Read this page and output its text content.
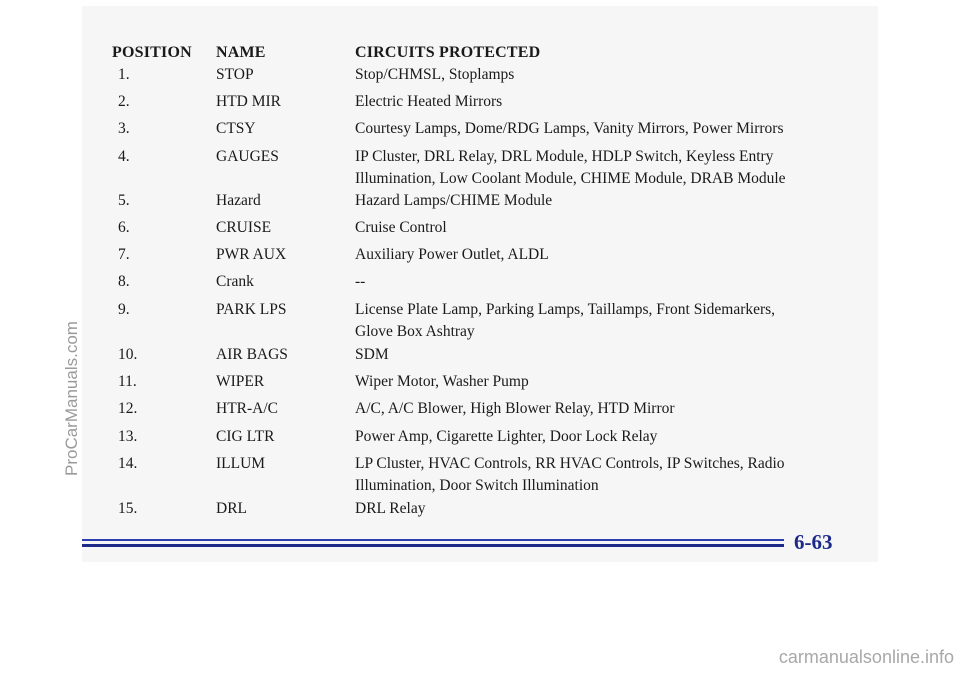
POSITION NAME	CIRCUITS PROTECTED
1.	STOP	Stop/CHMSL, Stoplamps
2.	HTD MIR	Electric Heated Mirrors
3.	CTSY	Courtesy Lamps, Dome/RDG Lamps, Vanity Mirrors, Power Mirrors
4.	GAUGES	IP Cluster, DRL Relay, DRL Module, HDLP Switch, Keyless Entry
Illumination, Low Coolant Module, CHIME Module, DRAB Module
5.	Hazard	Hazard Lamps/CHIME Module
6.	CRUISE	Cruise Control
7.	PWR AUX	Auxiliary Power Outlet, ALDL
8.	Crank	--
9.	PARK LPS	License Plate Lamp, Parking Lamps, Taillamps, Front Sidemarkers,
Glove Box Ashtray
10.	AIR BAGS	SDM
11.	WIPER	Wiper Motor, Washer Pump
12.	HTR-A/C	A/C, A/C Blower, High Blower Relay, HTD Mirror
13.	CIG LTR	Power Amp, Cigarette Lighter, Door Lock Relay
14.	ILLUM	LP Cluster, HVAC Controls, RR HVAC Controls, IP Switches, Radio
Illumination, Door Switch Illumination
15.	DRL	DRL Relay
6-63
ProCarManuals.com
carmanualsonline.info
